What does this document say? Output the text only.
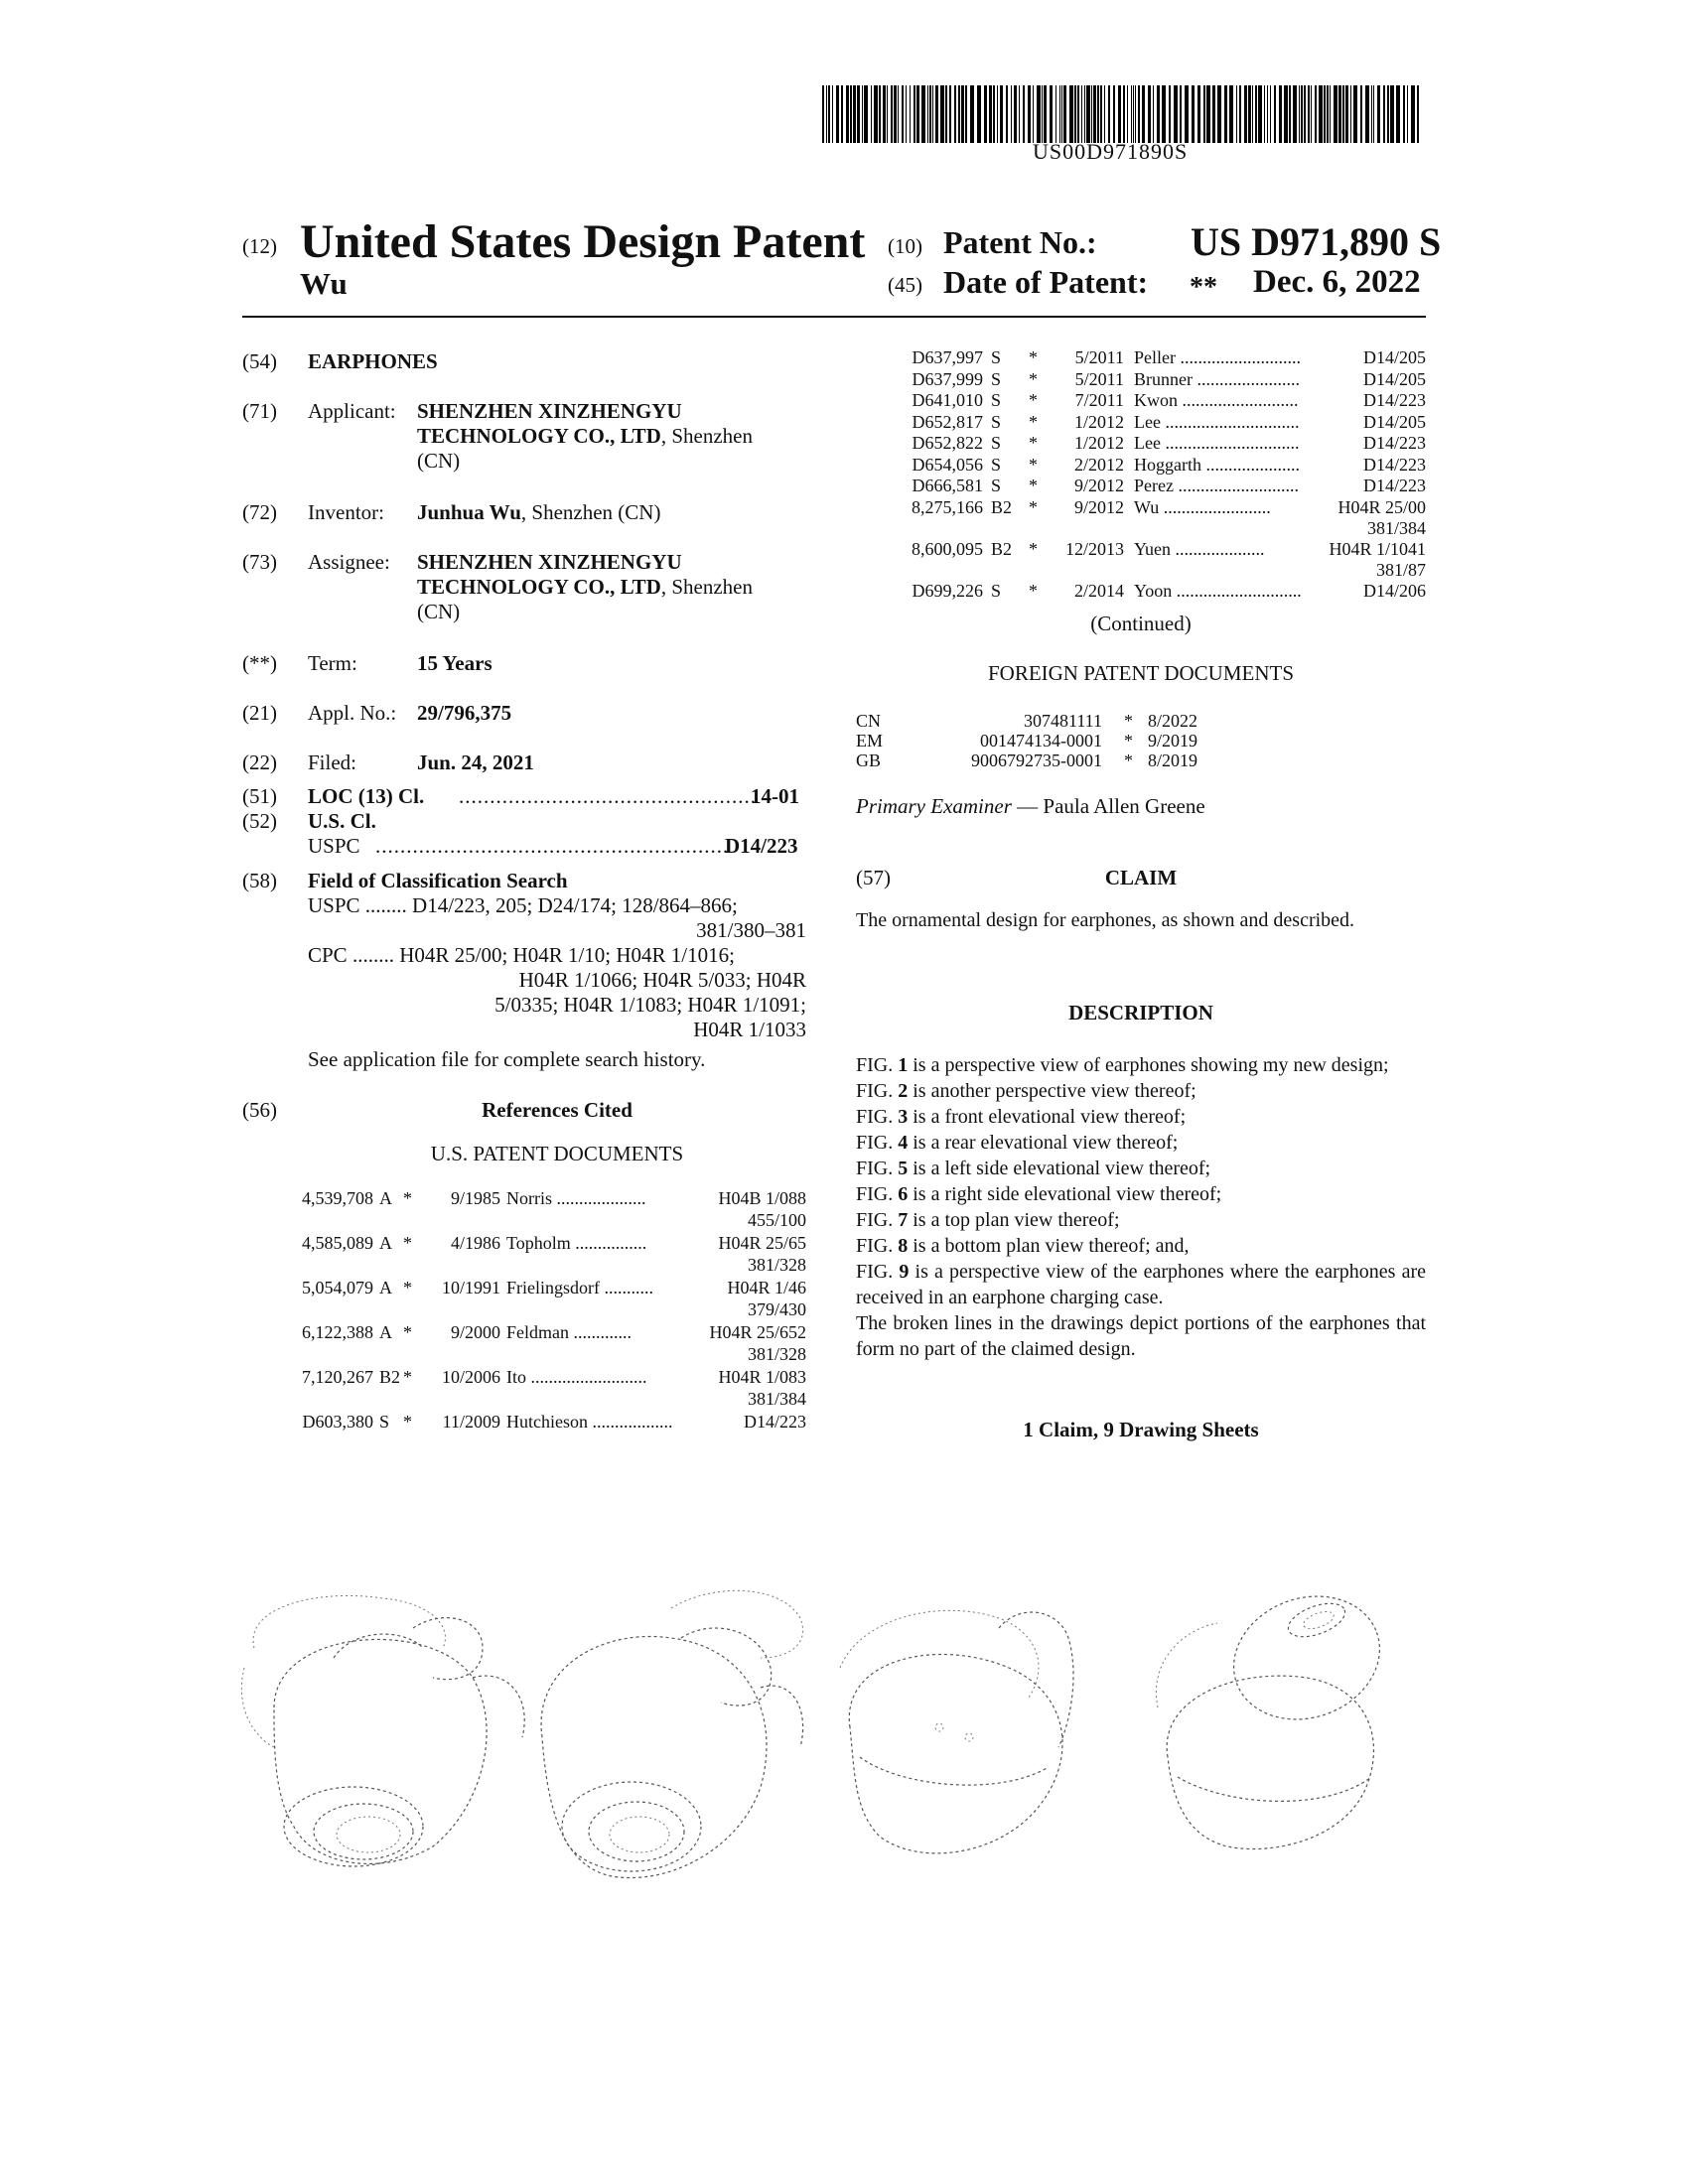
US00D971890S
(12) United States Design Patent
Wu
(10) Patent No.: US D971,890 S
(45) Date of Patent: ** Dec. 6, 2022
(54)	EARPHONES
(71)	Applicant: SHENZHEN XINZHENGYU
TECHNOLOGY CO., LTD, Shenzhen
(CN)
(72)	Inventor: Junhua Wu, Shenzhen (CN)
(73)	Assignee: SHENZHEN XINZHENGYU
TECHNOLOGY CO., LTD, Shenzhen
(CN)
(**)	Term:	15 Years
(21)	Appl. No.: 29/796,375
(22)	Filed:	Jun. 24, 2021
(51)	LOC (13) Cl. ................................................
14-01
(52)	U.S. Cl.
USPC .........................................................
D14/223
(58)	Field of Classification Search
USPC ........ D14/223, 205; D24/174; 128/864–866;
381/380–381
CPC ........ H04R 25/00; H04R 1/10; H04R 1/1016;
H04R 1/1066; H04R 5/033; H04R
5/0335; H04R 1/1083; H04R 1/1091;
H04R 1/1033
See application file for complete search history.
(56)	References Cited
U.S. PATENT DOCUMENTS
4,539,708 A *	9/1985 Norris ....................	H04B 1/088
455/100
4,585,089 A *	4/1986 Topholm ................	H04R 25/65
381/328
5,054,079 A *	10/1991 Frielingsdorf ...........	H04R 1/46
379/430
6,122,388 A *	9/2000 Feldman .............	H04R 25/652
381/328
7,120,267 B2 *	10/2006 Ito ..........................	H04R 1/083
381/384
D603,380 S *	11/2009 Hutchieson ..................	D14/223
D637,997 S *	5/2011 Peller ...........................	D14/205
D637,999 S *	5/2011 Brunner .......................	D14/205
D641,010 S *	7/2011 Kwon ..........................	D14/223
D652,817 S *	1/2012 Lee ..............................	D14/205
D652,822 S *	1/2012 Lee ..............................	D14/223
D654,056 S *	2/2012 Hoggarth .....................	D14/223
D666,581 S *	9/2012 Perez ...........................	D14/223
8,275,166 B2 *	9/2012 Wu ........................	H04R 25/00
381/384
8,600,095 B2 *	12/2013 Yuen ....................	H04R 1/1041
381/87
D699,226 S *	2/2014 Yoon ............................	D14/206
(Continued)
FOREIGN PATENT DOCUMENTS
CN	307481111 * 8/2022
EM	001474134-0001 * 9/2019
GB	9006792735-0001 * 8/2019
Primary Examiner — Paula Allen Greene
(57)	CLAIM
The ornamental design for earphones, as shown and described.
DESCRIPTION
FIG. 1 is a perspective view of earphones showing my new design;
FIG. 2 is another perspective view thereof;
FIG. 3 is a front elevational view thereof;
FIG. 4 is a rear elevational view thereof;
FIG. 5 is a left side elevational view thereof;
FIG. 6 is a right side elevational view thereof;
FIG. 7 is a top plan view thereof;
FIG. 8 is a bottom plan view thereof; and,
FIG. 9 is a perspective view of the earphones where the earphones are received in an earphone charging case.
The broken lines in the drawings depict portions of the earphones that form no part of the claimed design.
1 Claim, 9 Drawing Sheets
